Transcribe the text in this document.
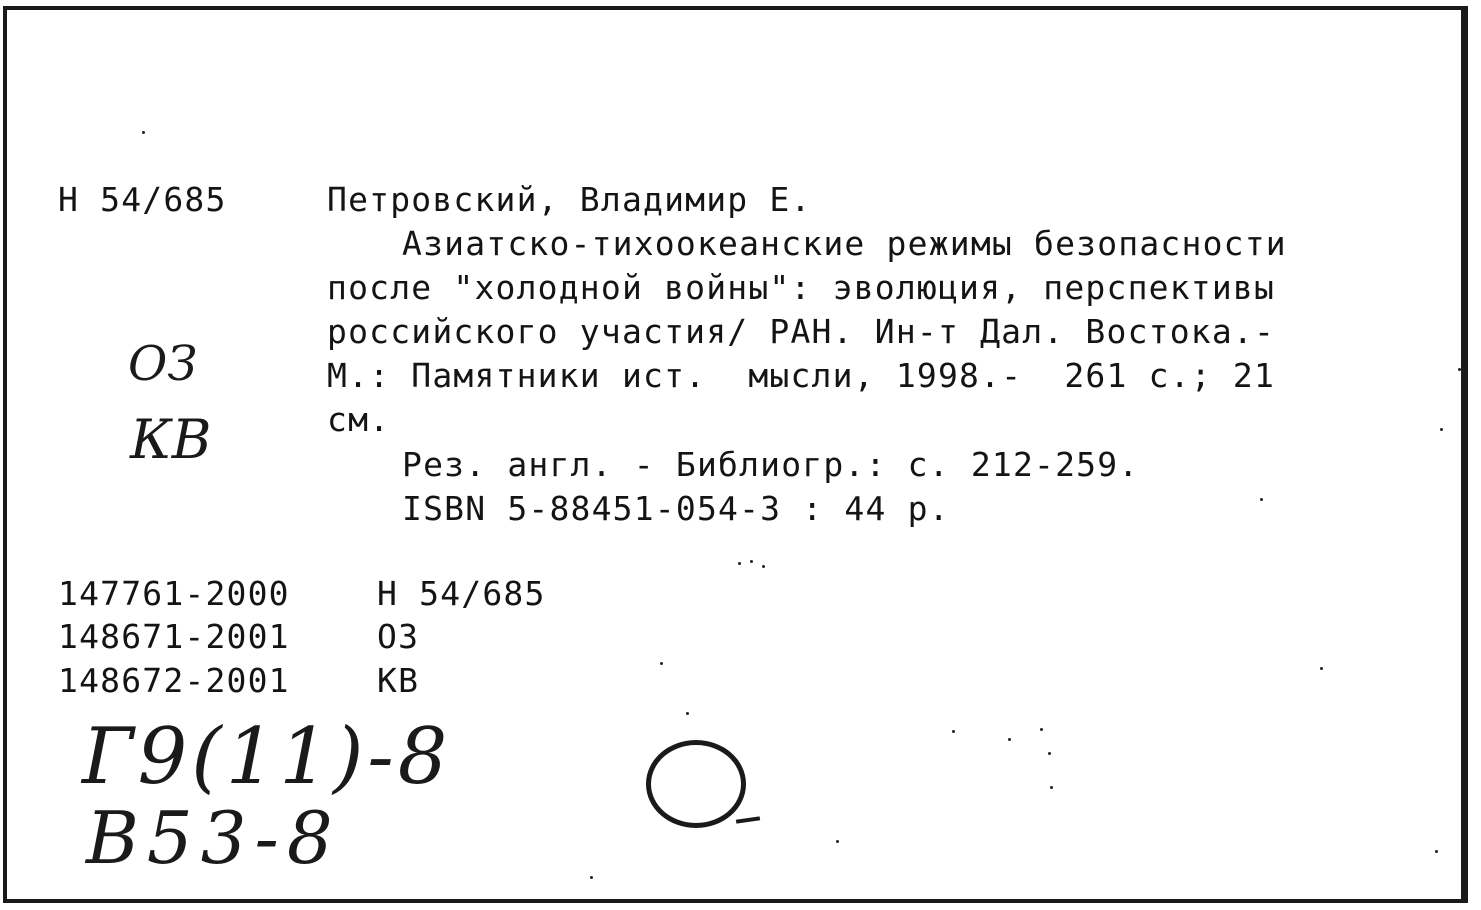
Н 54/685	Петровский, Владимир Е.
Азиатско-тихоокеанские режимы безопасности
после "холодной войны": эволюция, перспективы
российского участия/ РАН. Ин-т Дал. Востока.-
М.: Памятники ист.  мысли, 1998.-  261 с.; 21
см.
Рез. англ. - Библиогр.: с. 212-259.
ISBN 5-88451-054-3 : 44 р.
ОЗ
КВ
147761-2000	Н 54/685
148671-2001	ОЗ
148672-2001	КВ
Г9(11)-8
В53-8
